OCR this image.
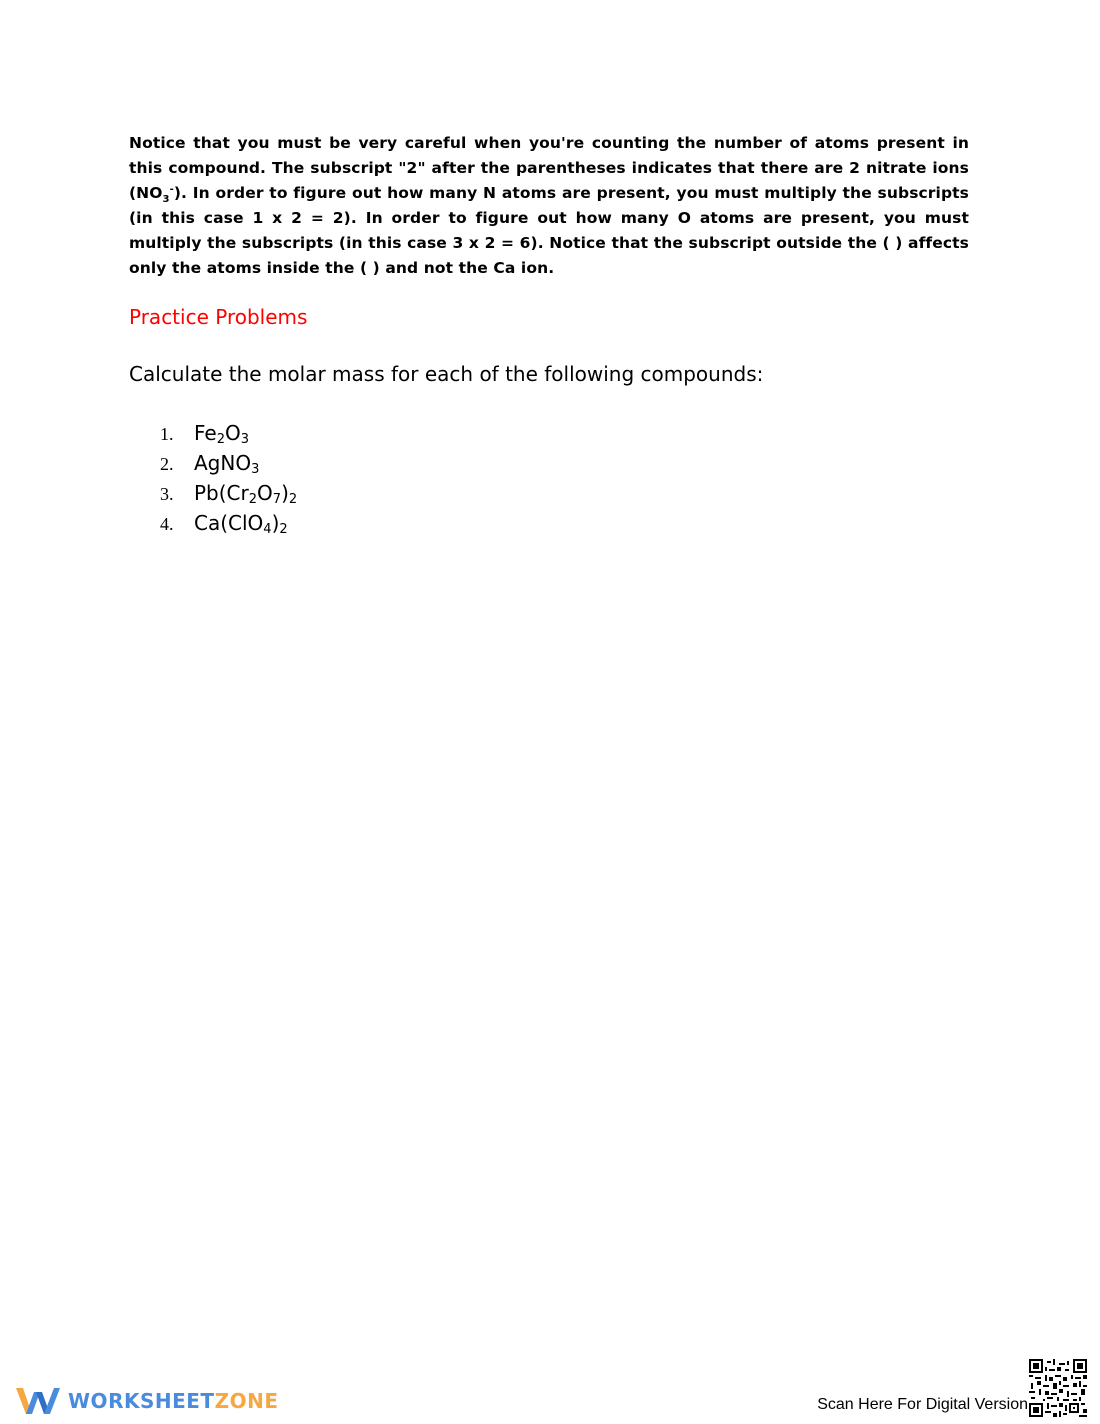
Notice that you must be very careful when you're counting the number of atoms present in this compound. The subscript "2" after the parentheses indicates that there are 2 nitrate ions $(NO_3^-)$. In order to figure out how many N atoms are present, you must multiply the subscripts (in this case 1 x 2 = 2). In order to figure out how many O atoms are present, you must multiply the subscripts (in this case 3 x 2 = 6). Notice that the subscript outside the ( ) affects only the atoms inside the ( ) and not the Ca ion.

Practice Problems
Calculate the molar mass for each of the following compounds:
1.	$Fe_2O_3$
2.	AgNO$_3$
3.	$Pb(Cr_2O_7)_2$
4.	$Ca(ClO_4)_2$
WORKSHEETZONE	Scan Here For Digital Version
